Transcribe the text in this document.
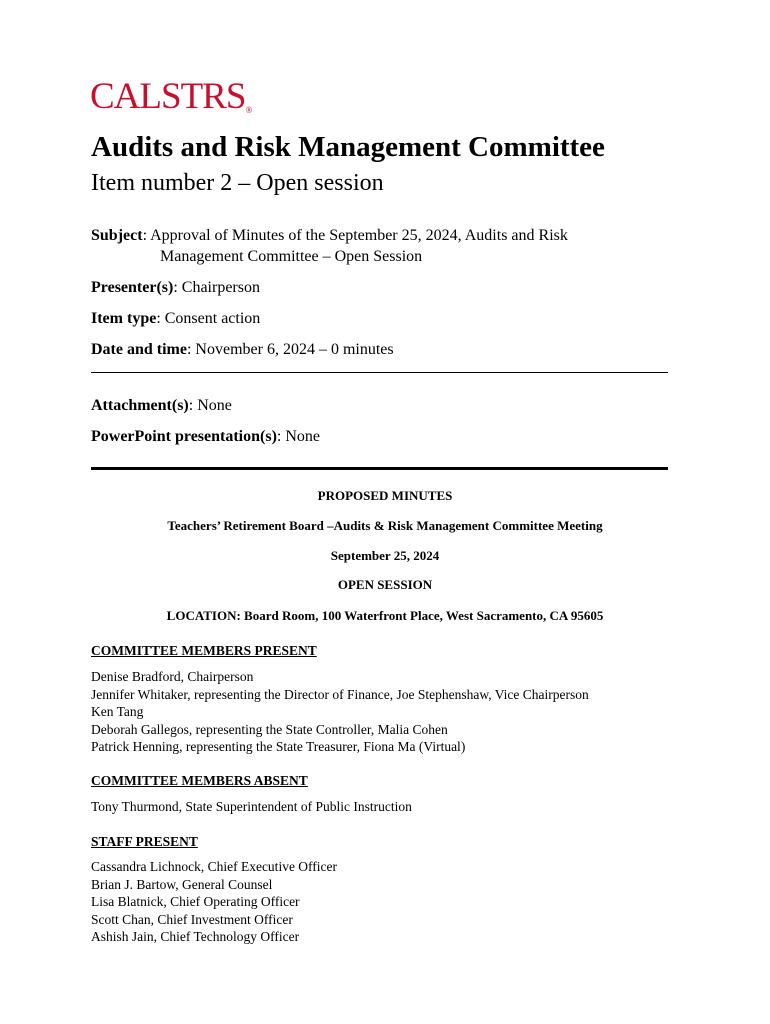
CALSTRS®
Audits and Risk Management Committee
Item number 2 – Open session
Subject: Approval of Minutes of the September 25, 2024, Audits and Risk
Management Committee – Open Session
Presenter(s): Chairperson
Item type: Consent action
Date and time: November 6, 2024 – 0 minutes
Attachment(s): None
PowerPoint presentation(s): None
PROPOSED MINUTES
Teachers’ Retirement Board –Audits & Risk Management Committee Meeting
September 25, 2024
OPEN SESSION
LOCATION: Board Room, 100 Waterfront Place, West Sacramento, CA 95605
COMMITTEE MEMBERS PRESENT
Denise Bradford, Chairperson
Jennifer Whitaker, representing the Director of Finance, Joe Stephenshaw, Vice Chairperson
Ken Tang
Deborah Gallegos, representing the State Controller, Malia Cohen
Patrick Henning, representing the State Treasurer, Fiona Ma (Virtual)
COMMITTEE MEMBERS ABSENT
Tony Thurmond, State Superintendent of Public Instruction
STAFF PRESENT
Cassandra Lichnock, Chief Executive Officer
Brian J. Bartow, General Counsel
Lisa Blatnick, Chief Operating Officer
Scott Chan, Chief Investment Officer
Ashish Jain, Chief Technology Officer
